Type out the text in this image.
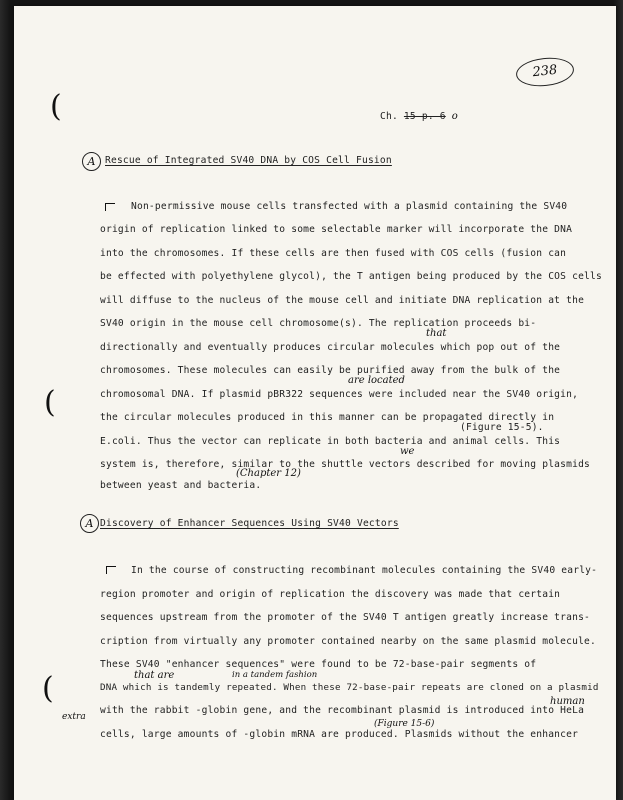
238
Ch. 15 p. 6 o
(
(
(
A Rescue of Integrated SV40 DNA by COS Cell Fusion
Non-permissive mouse cells transfected with a plasmid containing the SV40
origin of replication linked to some selectable marker will incorporate the DNA
into the chromosomes. If these cells are then fused with COS cells (fusion can
be effected with polyethylene glycol), the T antigen being produced by the COS cells
will diffuse to the nucleus of the mouse cell and initiate DNA replication at the
SV40 origin in the mouse cell chromosome(s). The replication proceeds bi-
directionally and eventually produces circular molecules which pop out of the
chromosomes. These molecules can easily be purified away from the bulk of the
chromosomal DNA. If plasmid pBR322 sequences were included near the SV40 origin,
the circular molecules produced in this manner can be propagated directly in
E.coli. Thus the vector can replicate in both bacteria and animal cells. This
system is, therefore, similar to the shuttle vectors described for moving plasmids
between yeast and bacteria.
that
are located
(Figure 15-5).
we
(Chapter 12)
A Discovery of Enhancer Sequences Using SV40 Vectors
In the course of constructing recombinant molecules containing the SV40 early-
region promoter and origin of replication the discovery was made that certain
sequences upstream from the promoter of the SV40 T antigen greatly increase trans-
cription from virtually any promoter contained nearby on the same plasmid molecule.
These SV40 "enhancer sequences" were found to be 72-base-pair segments of
DNA which is tandemly repeated. When these 72-base-pair repeats are cloned on a plasmid
with the rabbit -globin gene, and the recombinant plasmid is introduced into HeLa
cells, large amounts of -globin mRNA are produced. Plasmids without the enhancer
that are	in a tandem fashion
human
(Figure 15-6)
extra
